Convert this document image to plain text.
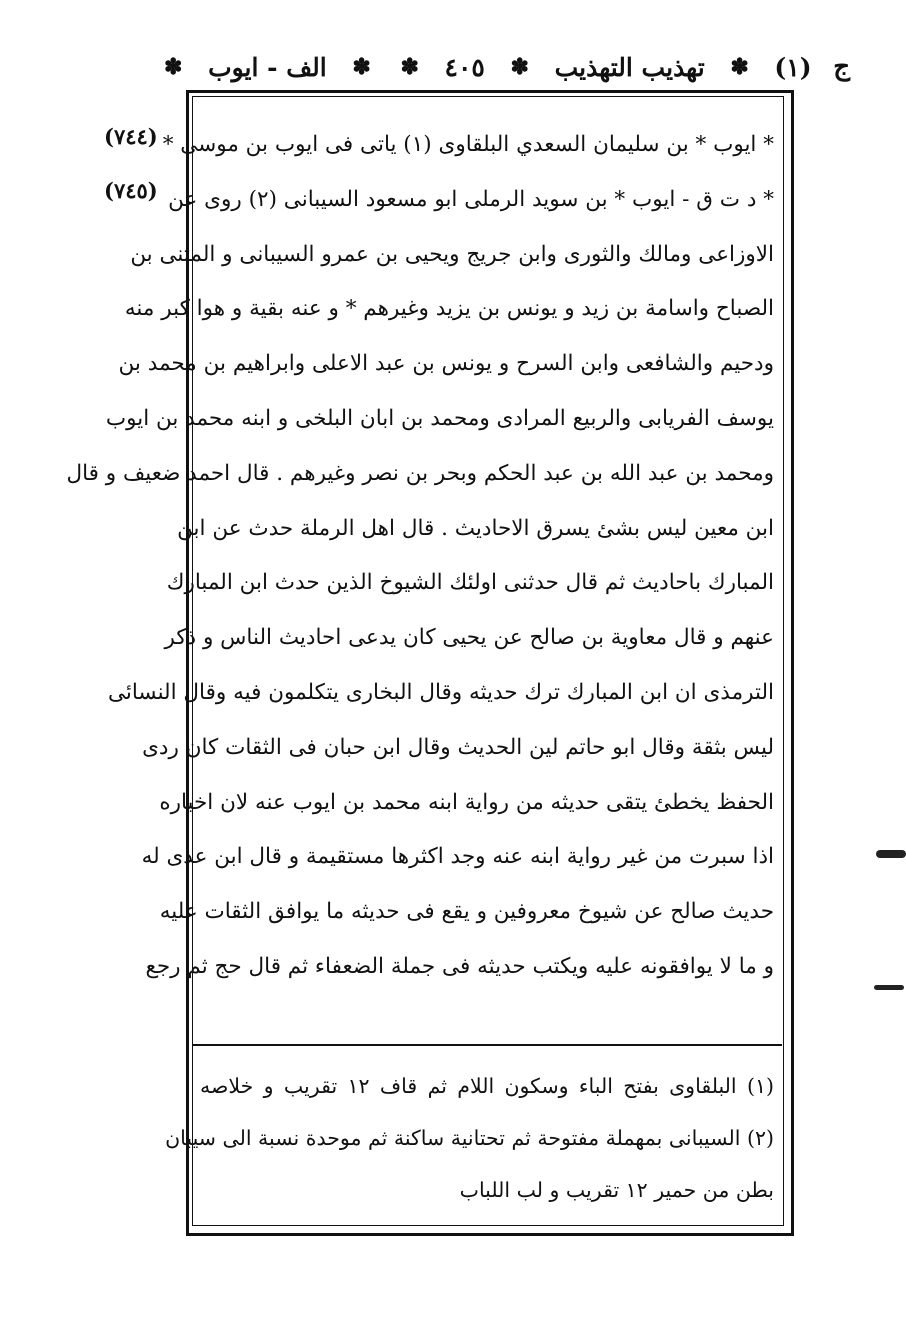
ج
(١)
✽
تهذيب التهذيب
✽
٤٠٥
✽
✽
الف - ايوب
✽
(٧٤٤)
(٧٤٥)
* ايوب * بن سليمان السعدي البلقاوى (١) ياتى فى ايوب بن موسى *
* د ت ق - ايوب * بن سويد الرملى ابو مسعود السيبانى (٢) روى عن
الاوزاعى ومالك والثورى وابن جريج ويحيى بن عمرو السيبانى و المثنى بن
الصباح واسامة بن زيد و يونس بن يزيد وغيرهم * و عنه بقية و هوا كبر منه
ودحيم والشافعى وابن السرح و يونس بن عبد الاعلى وابراهيم بن محمد بن
يوسف الفريابى والربيع المرادى ومحمد بن ابان البلخى و ابنه محمد بن ايوب
ومحمد بن عبد الله بن عبد الحكم وبحر بن نصر وغيرهم . قال احمد ضعيف و قال
ابن معين ليس بشئ يسرق الاحاديث . قال اهل الرملة حدث عن ابن
المبارك باحاديث ثم قال حدثنى اولئك الشيوخ الذين حدث ابن المبارك
عنهم و قال معاوية بن صالح عن يحيى كان يدعى احاديث الناس و ذكر
الترمذى ان ابن المبارك ترك حديثه وقال البخارى يتكلمون فيه وقال النسائى
ليس بثقة وقال ابو حاتم لين الحديث وقال ابن حبان فى الثقات كان ردى
الحفظ يخطئ يتقى حديثه من رواية ابنه محمد بن ايوب عنه لان اخباره
اذا سبرت من غير رواية ابنه عنه وجد اكثرها مستقيمة و قال ابن عدى له
حديث صالح عن شيوخ معروفين و يقع فى حديثه ما يوافق الثقات عليه
و ما لا يوافقونه عليه ويكتب حديثه فى جملة الضعفاء ثم قال حج ثم رجع
(١) البلقاوى بفتح الباء وسكون اللام ثم قاف ١٢ تقريب و خلاصه
(٢) السيبانى بمهملة مفتوحة ثم تحتانية ساكنة ثم موحدة نسبة الى سيبان
بطن من حمير ١٢ تقريب و لب اللباب
